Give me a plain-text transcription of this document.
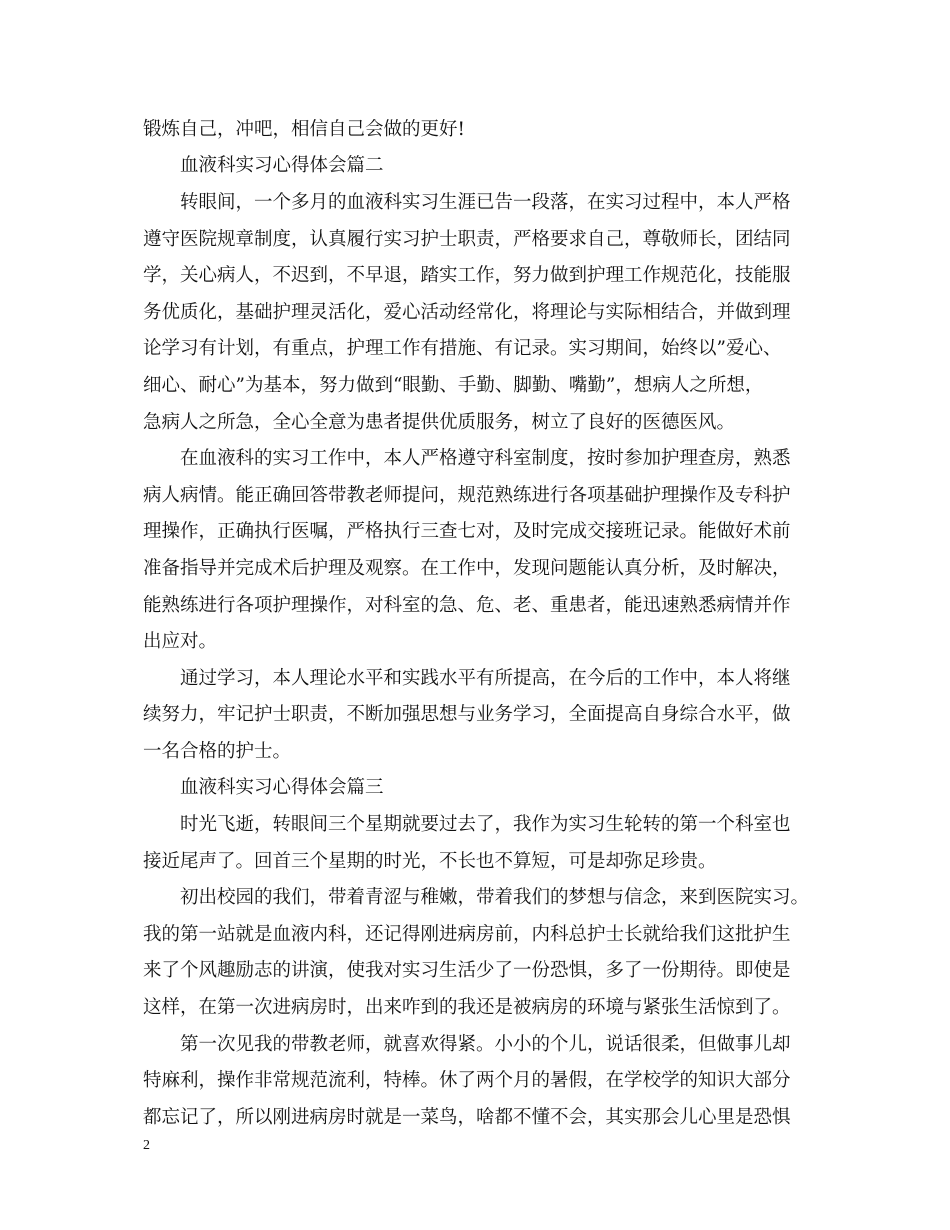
锻炼自己，冲吧，相信自己会做的更好!
血液科实习心得体会篇二
转眼间，一个多月的血液科实习生涯已告一段落，在实习过程中，本人严格
遵守医院规章制度，认真履行实习护士职责，严格要求自己，尊敬师长，团结同
学，关心病人，不迟到，不早退，踏实工作，努力做到护理工作规范化，技能服
务优质化，基础护理灵活化，爱心活动经常化，将理论与实际相结合，并做到理
论学习有计划，有重点，护理工作有措施、有记录。实习期间，始终以”爱心、
细心、耐心”为基本，努力做到“眼勤、手勤、脚勤、嘴勤”，想病人之所想，
急病人之所急，全心全意为患者提供优质服务，树立了良好的医德医风。
在血液科的实习工作中，本人严格遵守科室制度，按时参加护理查房，熟悉
病人病情。能正确回答带教老师提问，规范熟练进行各项基础护理操作及专科护
理操作，正确执行医嘱，严格执行三查七对，及时完成交接班记录。能做好术前
准备指导并完成术后护理及观察。在工作中，发现问题能认真分析，及时解决，
能熟练进行各项护理操作，对科室的急、危、老、重患者，能迅速熟悉病情并作
出应对。
通过学习，本人理论水平和实践水平有所提高，在今后的工作中，本人将继
续努力，牢记护士职责，不断加强思想与业务学习，全面提高自身综合水平，做
一名合格的护士。
血液科实习心得体会篇三
时光飞逝，转眼间三个星期就要过去了，我作为实习生轮转的第一个科室也
接近尾声了。回首三个星期的时光，不长也不算短，可是却弥足珍贵。
初出校园的我们，带着青涩与稚嫩，带着我们的梦想与信念，来到医院实习。
我的第一站就是血液内科，还记得刚进病房前，内科总护士长就给我们这批护生
来了个风趣励志的讲演，使我对实习生活少了一份恐惧，多了一份期待。即使是
这样，在第一次进病房时，出来咋到的我还是被病房的环境与紧张生活惊到了。
第一次见我的带教老师，就喜欢得紧。小小的个儿，说话很柔，但做事儿却
特麻利，操作非常规范流利，特棒。休了两个月的暑假，在学校学的知识大部分
都忘记了，所以刚进病房时就是一菜鸟，啥都不懂不会，其实那会儿心里是恐惧
2
